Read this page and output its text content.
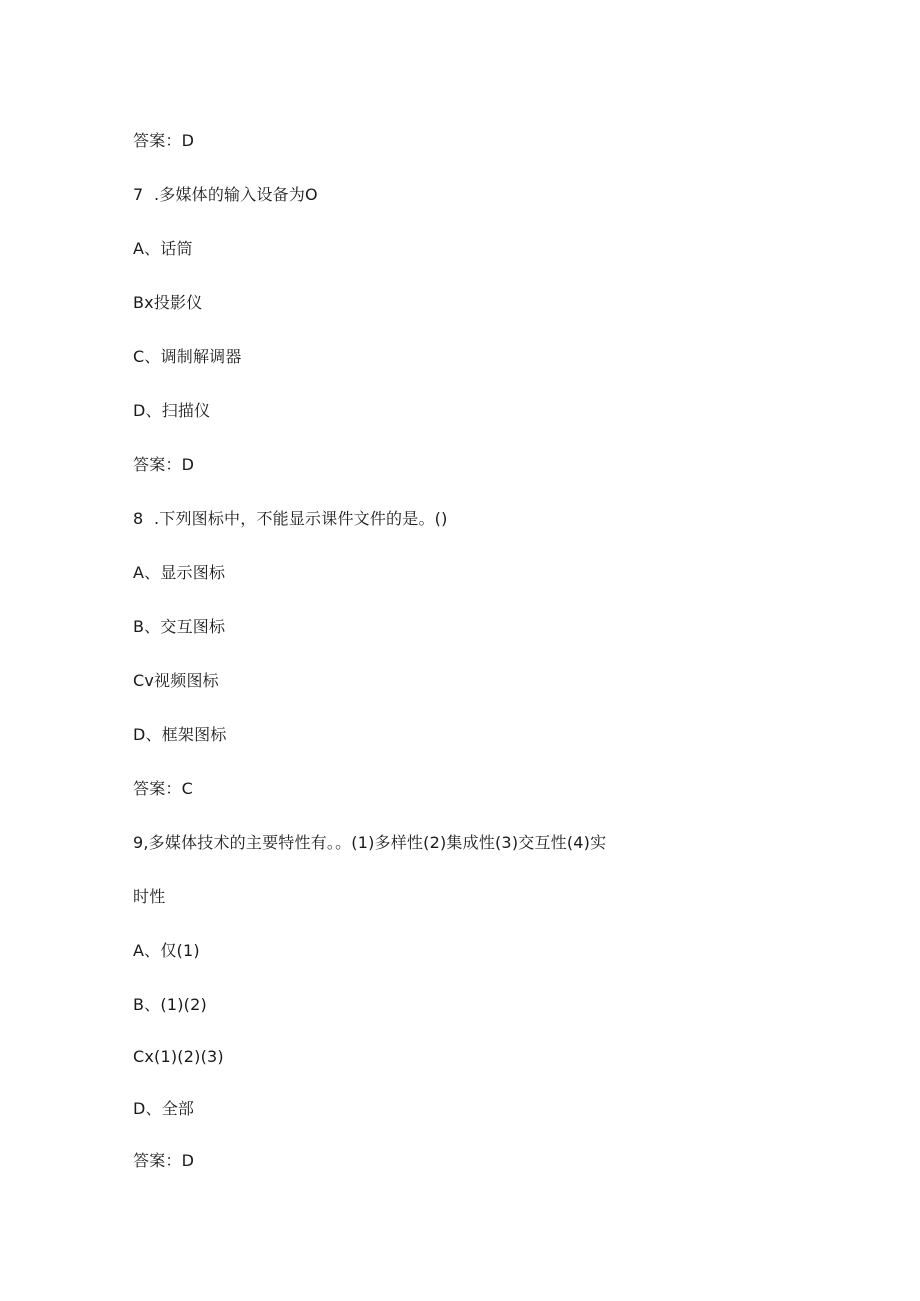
答案：D
7  .多媒体的输入设备为O
A、话筒
Bx投影仪
C、调制解调器
D、扫描仪
答案：D
8  .下列图标中，不能显示课件文件的是。()
A、显示图标
B、交互图标
Cv视频图标
D、框架图标
答案：C
9,多媒体技术的主要特性有。。(1)多样性(2)集成性(3)交互性(4)实
时性
A、仅(1)
B、(1)(2)
Cx(1)(2)(3)
D、全部
答案：D
